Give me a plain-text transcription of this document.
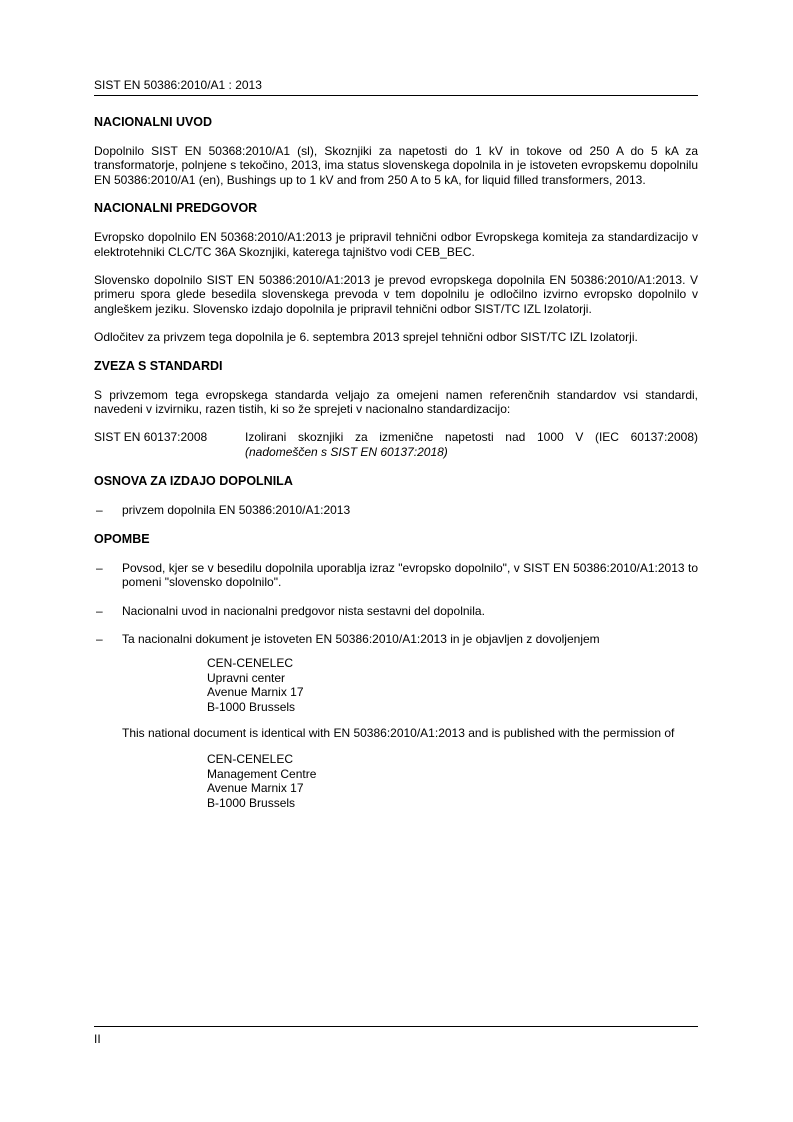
SIST EN 50386:2010/A1 : 2013
NACIONALNI UVOD

Dopolnilo SIST EN 50368:2010/A1 (sl), Skoznjiki za napetosti do 1 kV in tokove od 250 A do 5 kA za transformatorje, polnjene s tekočino, 2013, ima status slovenskega dopolnila in je istoveten evropskemu dopolnilu EN 50386:2010/A1 (en), Bushings up to 1 kV and from 250 A to 5 kA, for liquid filled transformers, 2013.

NACIONALNI PREDGOVOR

Evropsko dopolnilo EN 50368:2010/A1:2013 je pripravil tehnični odbor Evropskega komiteja za standardizacijo v elektrotehniki CLC/TC 36A Skoznjiki, katerega tajništvo vodi CEB_BEC.

Slovensko dopolnilo SIST EN 50386:2010/A1:2013 je prevod evropskega dopolnila EN 50386:2010/A1:2013. V primeru spora glede besedila slovenskega prevoda v tem dopolnilu je odločilno izvirno evropsko dopolnilo v angleškem jeziku. Slovensko izdajo dopolnila je pripravil tehnični odbor SIST/TC IZL Izolatorji.

Odločitev za privzem tega dopolnila je 6. septembra 2013 sprejel tehnični odbor SIST/TC IZL Izolatorji.

ZVEZA S STANDARDI

S privzemom tega evropskega standarda veljajo za omejeni namen referenčnih standardov vsi standardi, navedeni v izvirniku, razen tistih, ki so že sprejeti v nacionalno standardizacijo:

SIST EN 60137:2008	Izolirani skoznjiki za izmenične napetosti nad 1000 V (IEC 60137:2008)
(nadomeščen s SIST EN 60137:2018)
OSNOVA ZA IZDAJO DOPOLNILA
– privzem dopolnila EN 50386:2010/A1:2013
OPOMBE
– Povsod, kjer se v besedilu dopolnila uporablja izraz "evropsko dopolnilo", v SIST EN 50386:2010/A1:2013 to pomeni "slovensko dopolnilo".
– Nacionalni uvod in nacionalni predgovor nista sestavni del dopolnila.
– Ta nacionalni dokument je istoveten EN 50386:2010/A1:2013 in je objavljen z dovoljenjem
CEN-CENELEC
Upravni center
Avenue Marnix 17
B-1000 Brussels

This national document is identical with EN 50386:2010/A1:2013 and is published with the permission of

CEN-CENELEC
Management Centre
Avenue Marnix 17
B-1000 Brussels
II
